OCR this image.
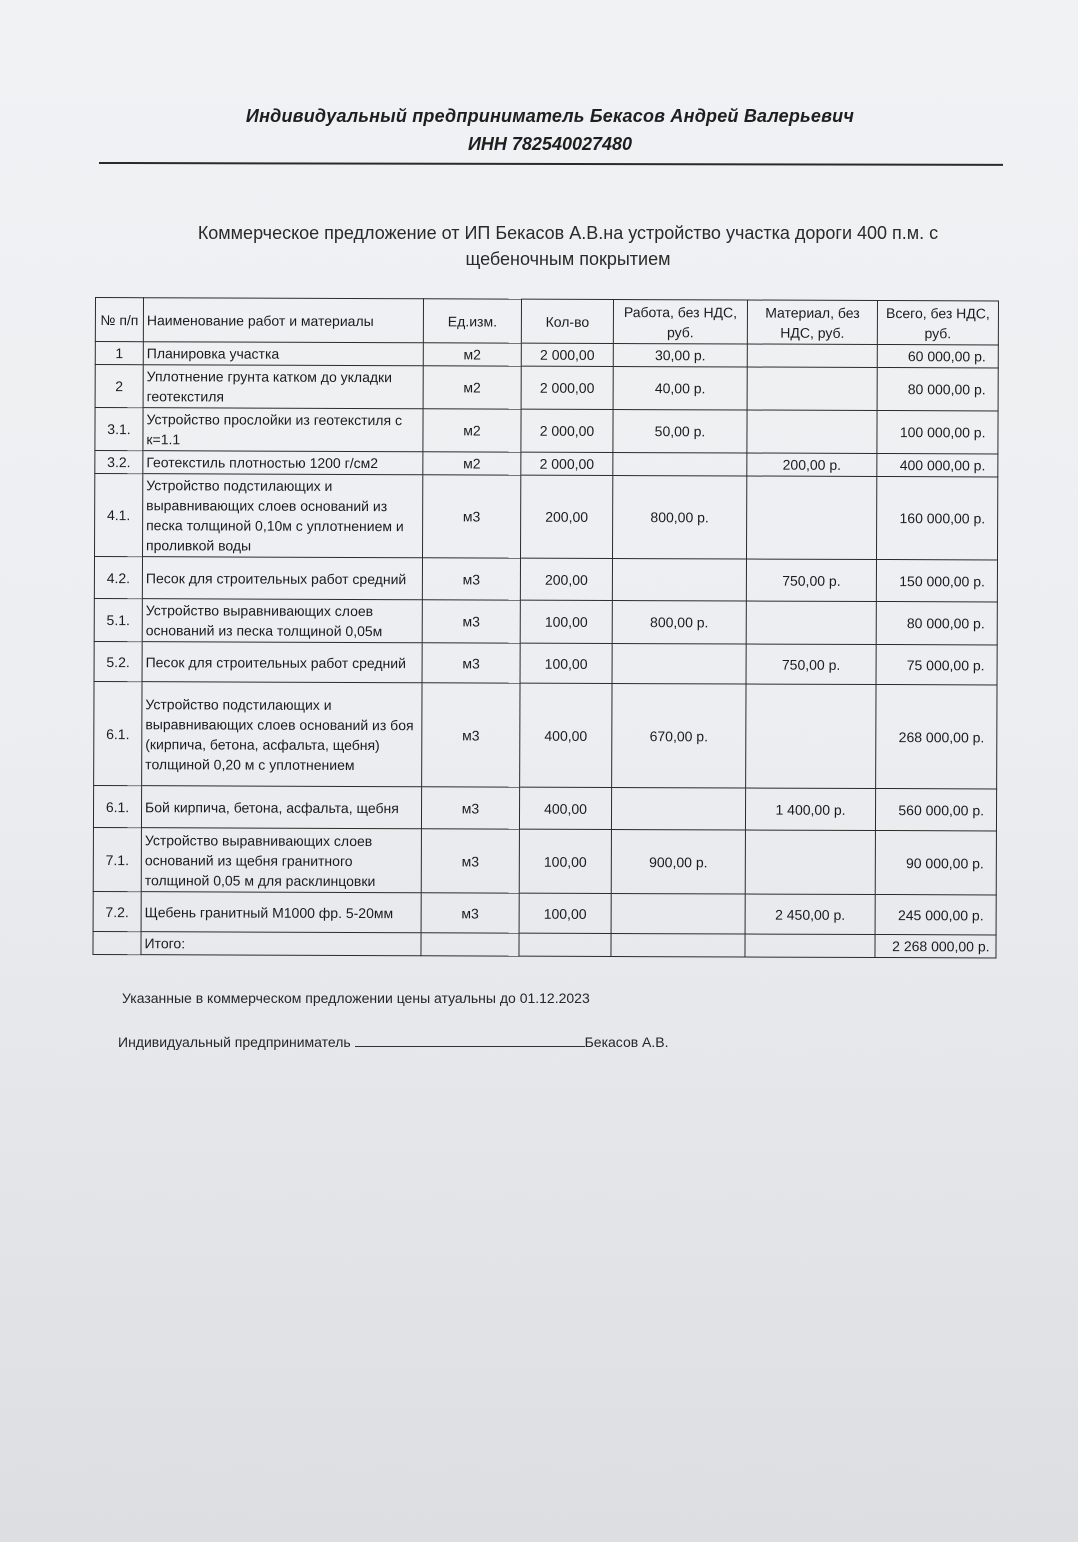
Индивидуальный предприниматель Бекасов Андрей Валерьевич
ИНН 782540027480
Коммерческое предложение от ИП Бекасов А.В.на устройство участка дороги 400 п.м. с щебеночным покрытием
№ п/п	Наименование работ и материалы	Ед.изм.	Кол-во	Работа, без НДС, руб.	Материал, без НДС, руб.	Всего, без НДС, руб.
1	Планировка участка	м2	2 000,00	30,00 р.		60 000,00 р.
2	Уплотнение грунта катком до укладки геотекстиля	м2	2 000,00	40,00 р.		80 000,00 р.
3.1.	Устройство прослойки из геотекстиля с к=1.1	м2	2 000,00	50,00 р.		100 000,00 р.
3.2.	Геотекстиль плотностью 1200 г/см2	м2	2 000,00		200,00 р.	400 000,00 р.
4.1.	Устройство подстилающих и выравнивающих слоев оснований из песка толщиной 0,10м с уплотнением и проливкой воды	м3	200,00	800,00 р.		160 000,00 р.
4.2.	Песок для строительных работ средний	м3	200,00		750,00 р.	150 000,00 р.
5.1.	Устройство выравнивающих слоев оснований из песка толщиной 0,05м	м3	100,00	800,00 р.		80 000,00 р.
5.2.	Песок для строительных работ средний	м3	100,00		750,00 р.	75 000,00 р.
6.1.	Устройство подстилающих и выравнивающих слоев оснований из боя (кирпича, бетона, асфальта, щебня) толщиной 0,20 м с уплотнением	м3	400,00	670,00 р.		268 000,00 р.
6.1.	Бой кирпича, бетона, асфальта, щебня	м3	400,00		1 400,00 р.	560 000,00 р.
7.1.	Устройство выравнивающих слоев оснований из щебня гранитного толщиной 0,05 м для расклинцовки	м3	100,00	900,00 р.		90 000,00 р.
7.2.	Щебень гранитный М1000 фр. 5-20мм	м3	100,00		2 450,00 р.	245 000,00 р.
	Итого:					2 268 000,00 р.
Указанные в коммерческом предложении цены атуальны до 01.12.2023
Индивидуальный предприниматель	Бекасов А.В.
